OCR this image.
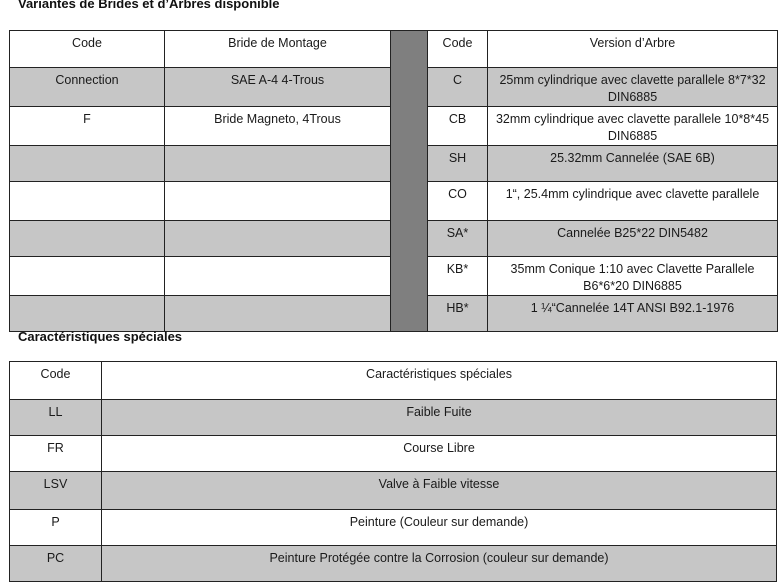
Variantes de Brides et d’Arbres disponible
Code	Bride de Montage		Code	Version d’Arbre
Connection	SAE A-4 4-Trous		C	25mm cylindrique avec clavette parallele 8*7*32 DIN6885
F	Bride Magneto, 4Trous		CB	32mm cylindrique avec clavette parallele 10*8*45 DIN6885
			SH	25.32mm Cannelée (SAE 6B)
			CO	1“, 25.4mm cylindrique avec clavette parallele
			SA*	Cannelée B25*22 DIN5482
			KB*	35mm Conique 1:10 avec Clavette Parallele B6*6*20 DIN6885
			HB*	1 ¼“Cannelée 14T ANSI B92.1-1976
Caractéristiques spéciales
Code	Caractéristiques spéciales
LL	Faible Fuite
FR	Course Libre
LSV	Valve à Faible vitesse
P	Peinture (Couleur sur demande)
PC	Peinture Protégée contre la Corrosion (couleur sur demande)
